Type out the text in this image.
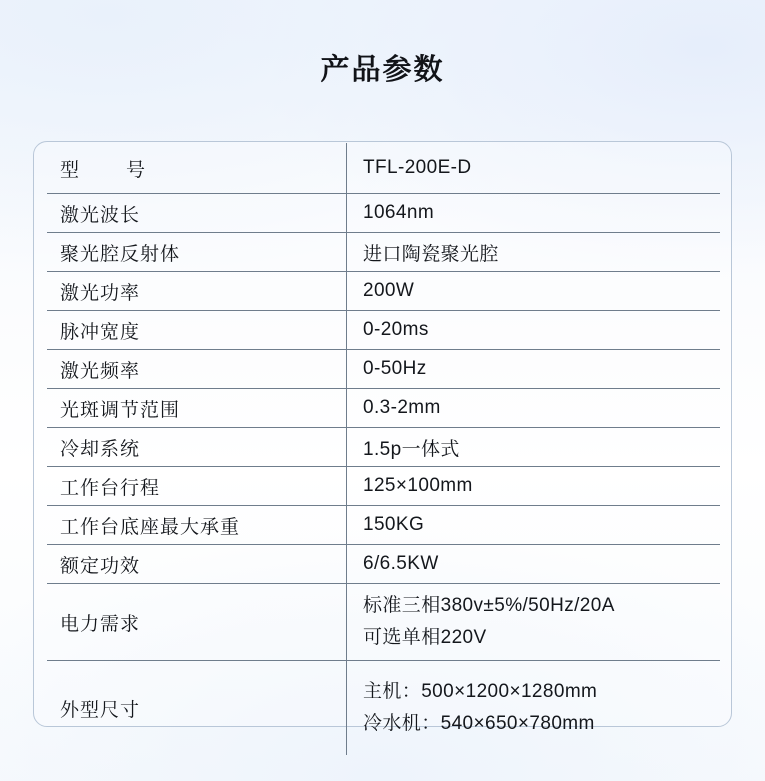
产品参数
型 号	TFL-200E-D

激光波长	1064nm
聚光腔反射体	进口陶瓷聚光腔
激光功率	200W
脉冲宽度	0-20ms
激光频率	0-50Hz
光斑调节范围	0.3-2mm
冷却系统	1.5p一体式
工作台行程	125×100mm
工作台底座最大承重	150KG
额定功效	6/6.5KW
电力需求	标准三相380v±5%/50Hz/20A
可选单相220V

外型尺寸	主机：500×1200×1280mm
冷水机：540×650×780mm
